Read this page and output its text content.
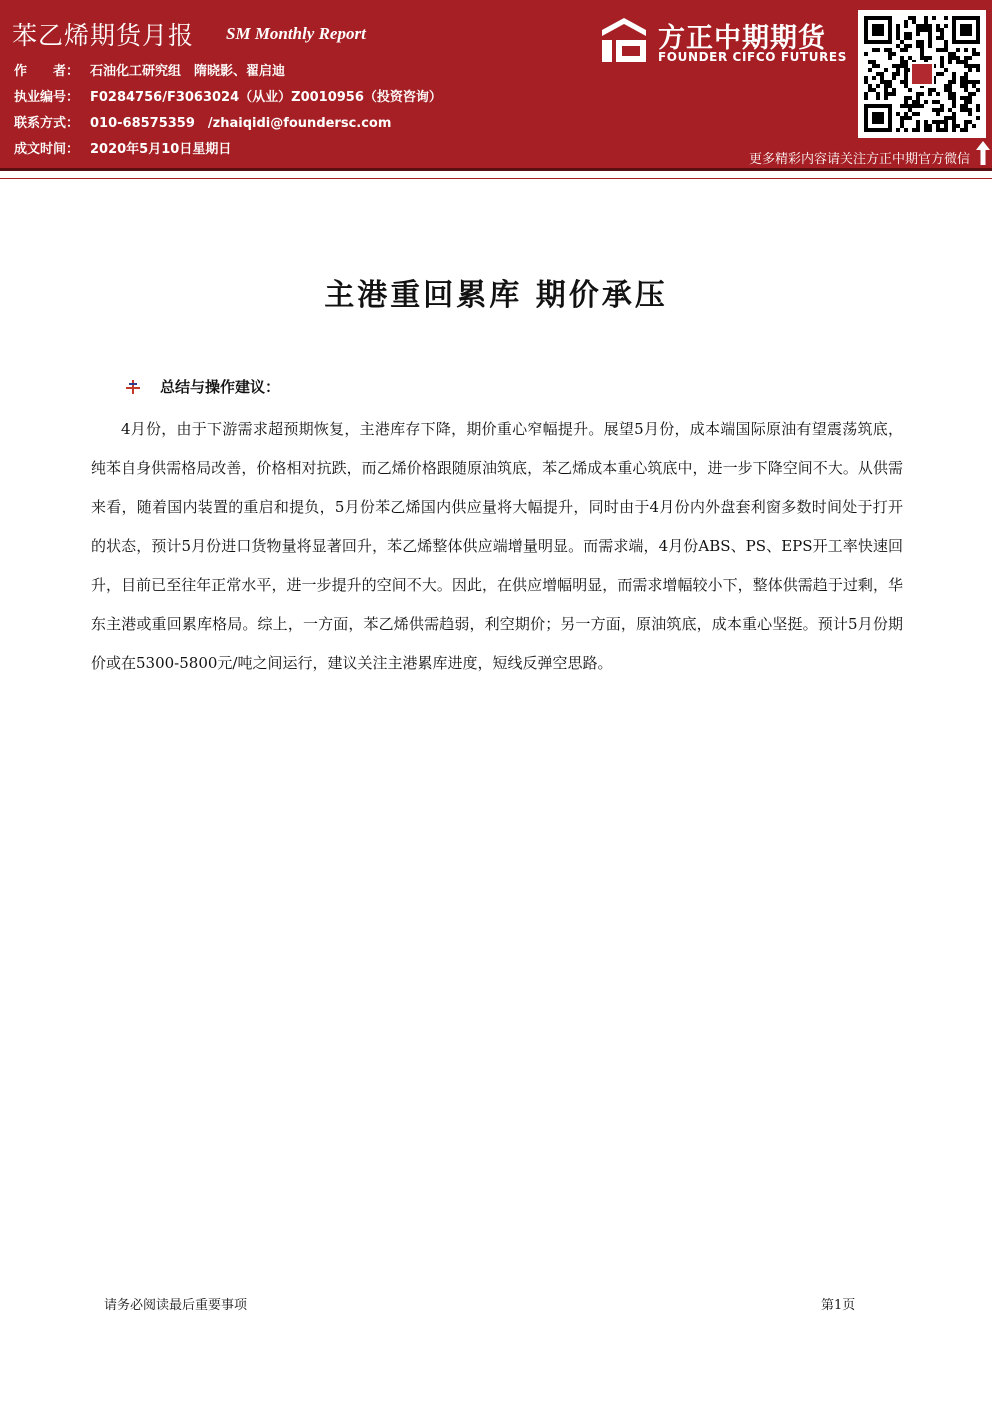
苯乙烯期货月报 SM Monthly Report
作　　者： 石油化工研究组　隋晓影、翟启迪
执业编号： F0284756/F3063024（从业）Z0010956（投资咨询）
联系方式： 010-68575359　/zhaiqidi@foundersc.com
成文时间： 2020年5月10日星期日
方正中期期货
FOUNDER CIFCO FUTURES
更多精彩内容请关注方正中期官方微信
主港重回累库 期价承压
总结与操作建议：

4月份，由于下游需求超预期恢复，主港库存下降，期价重心窄幅提升。展望5月份，成本端国际原油有望震荡筑底，纯苯自身供需格局改善，价格相对抗跌，而乙烯价格跟随原油筑底，苯乙烯成本重心筑底中，进一步下降空间不大。从供需来看，随着国内装置的重启和提负，5月份苯乙烯国内供应量将大幅提升，同时由于4月份内外盘套利窗多数时间处于打开的状态，预计5月份进口货物量将显著回升，苯乙烯整体供应端增量明显。而需求端，4月份ABS、PS、EPS开工率快速回升，目前已至往年正常水平，进一步提升的空间不大。因此，在供应增幅明显，而需求增幅较小下，整体供需趋于过剩，华东主港或重回累库格局。综上，一方面，苯乙烯供需趋弱，利空期价；另一方面，原油筑底，成本重心坚挺。预计5月份期价或在5300-5800元/吨之间运行，建议关注主港累库进度，短线反弹空思路。

请务必阅读最后重要事项	第1页
